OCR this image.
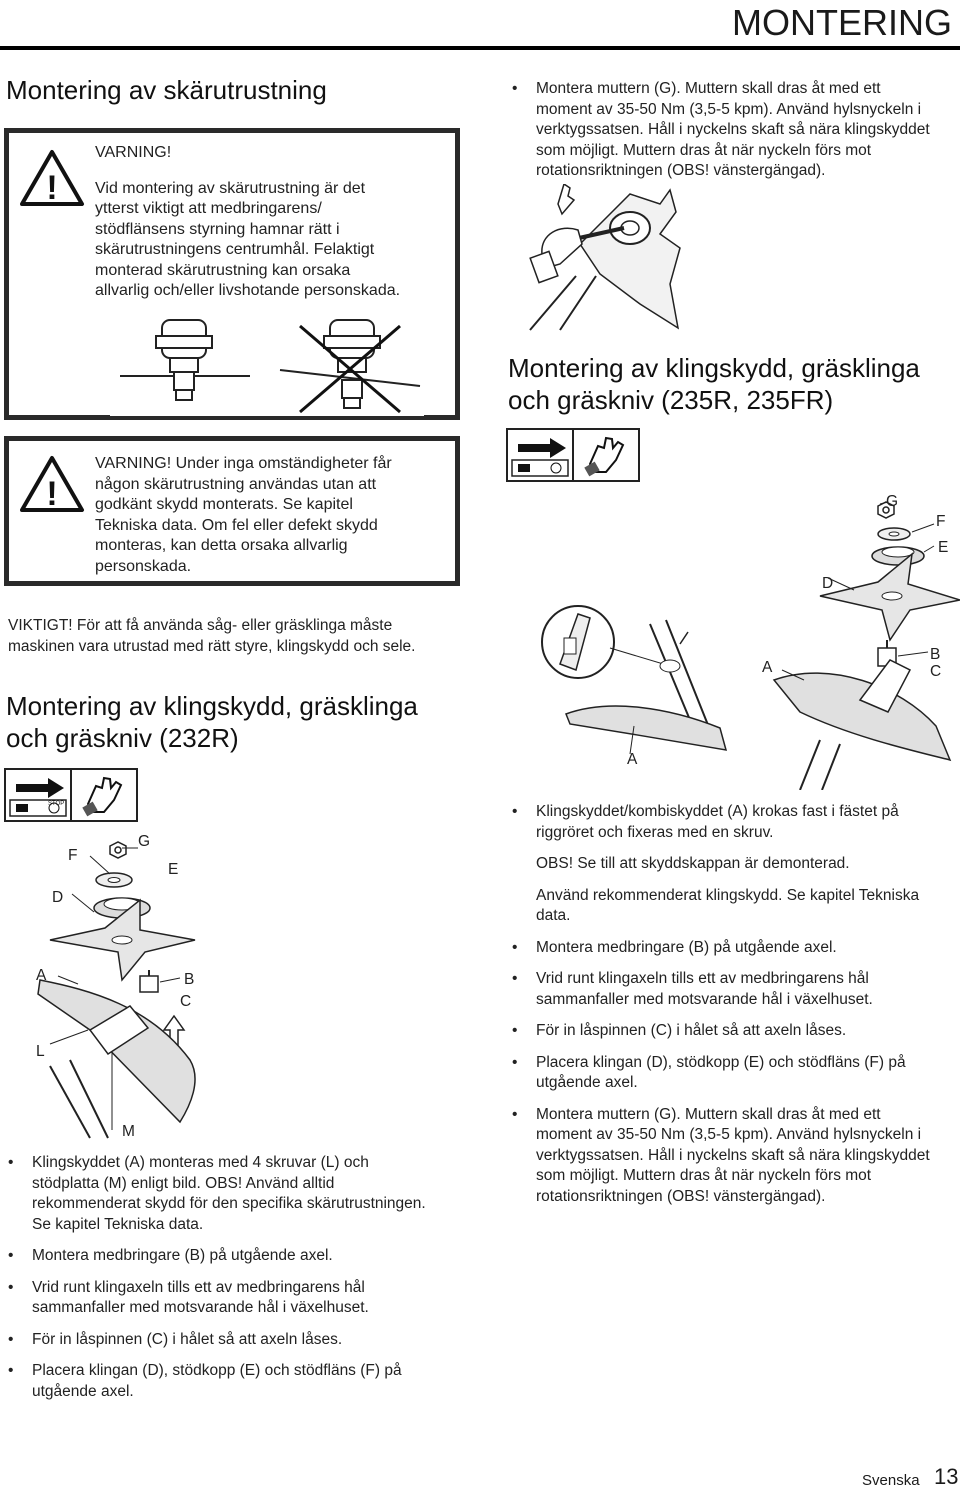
MONTERING
Montering av skärutrustning
!
VARNING!
Vid montering av skärutrustning är det
ytterst viktigt att medbringarens/
stödflänsens styrning hamnar rätt i
skärutrustningens centrumhål. Felaktigt
monterad skärutrustning kan orsaka
allvarlig och/eller livshotande personskada.
!
VARNING! Under inga omständigheter får
någon skärutrustning användas utan att
godkänt skydd monterats. Se kapitel
Tekniska data. Om fel eller defekt skydd
monteras, kan detta orsaka allvarlig
personskada.
VIKTIGT! För att få använda såg- eller gräsklinga måste
maskinen vara utrustad med rätt styre, klingskydd och sele.
Montering av klingskydd, gräsklinga
och gräskniv (232R)
STOP
F
G
E
D
A	B
C
L
M
• Klingskyddet (A) monteras med 4 skruvar (L) och
stödplatta (M) enligt bild. OBS! Använd alltid
rekommenderat skydd för den specifika skärutrustningen.
Se kapitel Tekniska data.
• Montera medbringare (B) på utgående axel.
• Vrid runt klingaxeln tills ett av medbringarens hål
sammanfaller med motsvarande hål i växelhuset.
• För in låspinnen (C) i hålet så att axeln låses.
• Placera klingan (D), stödkopp (E) och stödfläns (F) på
utgående axel.
• Montera muttern (G). Muttern skall dras åt med ett
moment av 35-50 Nm (3,5-5 kpm). Använd hylsnyckeln i
verktygssatsen. Håll i nyckelns skaft så nära klingskyddet
som möjligt. Muttern dras åt när nyckeln förs mot
rotationsriktningen (OBS! vänstergängad).
Montering av klingskydd, gräsklinga
och gräskniv (235R, 235FR)
G
F
E
D
A
B
C
A
• Klingskyddet/kombiskyddet (A) krokas fast i fästet på
riggröret och fixeras med en skruv.
OBS! Se till att skyddskappan är demonterad.
Använd rekommenderat klingskydd. Se kapitel Tekniska
data.
• Montera medbringare (B) på utgående axel.
• Vrid runt klingaxeln tills ett av medbringarens hål
sammanfaller med motsvarande hål i växelhuset.
• För in låspinnen (C) i hålet så att axeln låses.
• Placera klingan (D), stödkopp (E) och stödfläns (F) på
utgående axel.
• Montera muttern (G). Muttern skall dras åt med ett
moment av 35-50 Nm (3,5-5 kpm). Använd hylsnyckeln i
verktygssatsen. Håll i nyckelns skaft så nära klingskyddet
som möjligt. Muttern dras åt när nyckeln förs mot
rotationsriktningen (OBS! vänstergängad).
Svenska 13
